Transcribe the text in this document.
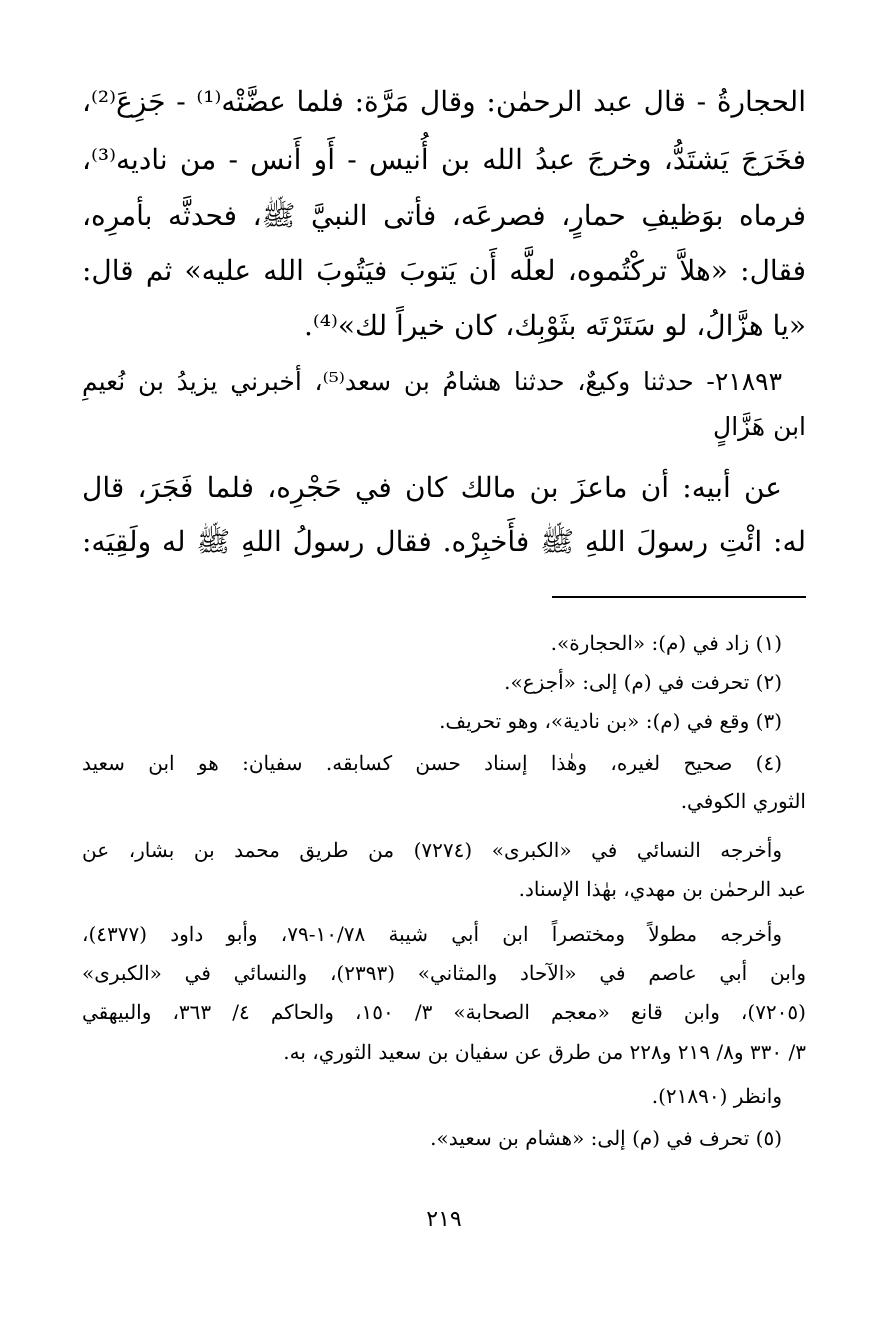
الحجارةُ - قال عبد الرحمٰن: وقال مَرَّة: فلما عضَّتْه⁽¹⁾ - جَزِعَ⁽²⁾،
فخَرَجَ يَشتَدُّ، وخرجَ عبدُ الله بن أُنيس - أَو أَنس - من ناديه⁽³⁾،
فرماه بوَظيفِ حمارٍ، فصرعَه، فأتى النبيَّ ﷺ، فحدثَّه بأمرِه،
فقال: «هلاَّ تركْتُموه، لعلَّه أَن يَتوبَ فيَتُوبَ الله عليه» ثم قال:
«يا هزَّالُ، لو سَتَرْتَه بثَوْبِك، كان خيراً لك»⁽⁴⁾.
٢١٨٩٣- حدثنا وكيعٌ، حدثنا هشامُ بن سعد⁽⁵⁾، أخبرني يزيدُ بن نُعيمِ
ابن هَزَّالٍ
عن أبيه: أن ماعزَ بن مالك كان في حَجْرِه، فلما فَجَرَ، قال
له: ائْتِ رسولَ اللهِ ﷺ فأَخبِرْه. فقال رسولُ اللهِ ﷺ له ولَقِيَه:
(١) زاد في (م): «الحجارة».
(٢) تحرفت في (م) إلى: «أجزع».
(٣) وقع في (م): «بن نادية»، وهو تحريف.
(٤) صحيح لغيره، وهٰذا إسناد حسن كسابقه. سفيان: هو ابن سعيد
الثوري الكوفي.
وأخرجه النسائي في «الكبرى» (٧٢٧٤) من طريق محمد بن بشار، عن
عبد الرحمٰن بن مهدي، بهٰذا الإسناد.
وأخرجه مطولاً ومختصراً ابن أبي شيبة ١٠/٧٨-٧٩، وأبو داود (٤٣٧٧)،
وابن أبي عاصم في «الآحاد والمثاني» (٢٣٩٣)، والنسائي في «الكبرى»
(٧٢٠٥)، وابن قانع «معجم الصحابة» ٣/ ١٥٠، والحاكم ٤/ ٣٦٣، والبيهقي
٣/ ٣٣٠ و٨/ ٢١٩ و٢٢٨ من طرق عن سفيان بن سعيد الثوري، به.
وانظر (٢١٨٩٠).
(٥) تحرف في (م) إلى: «هشام بن سعيد».
٢١٩
